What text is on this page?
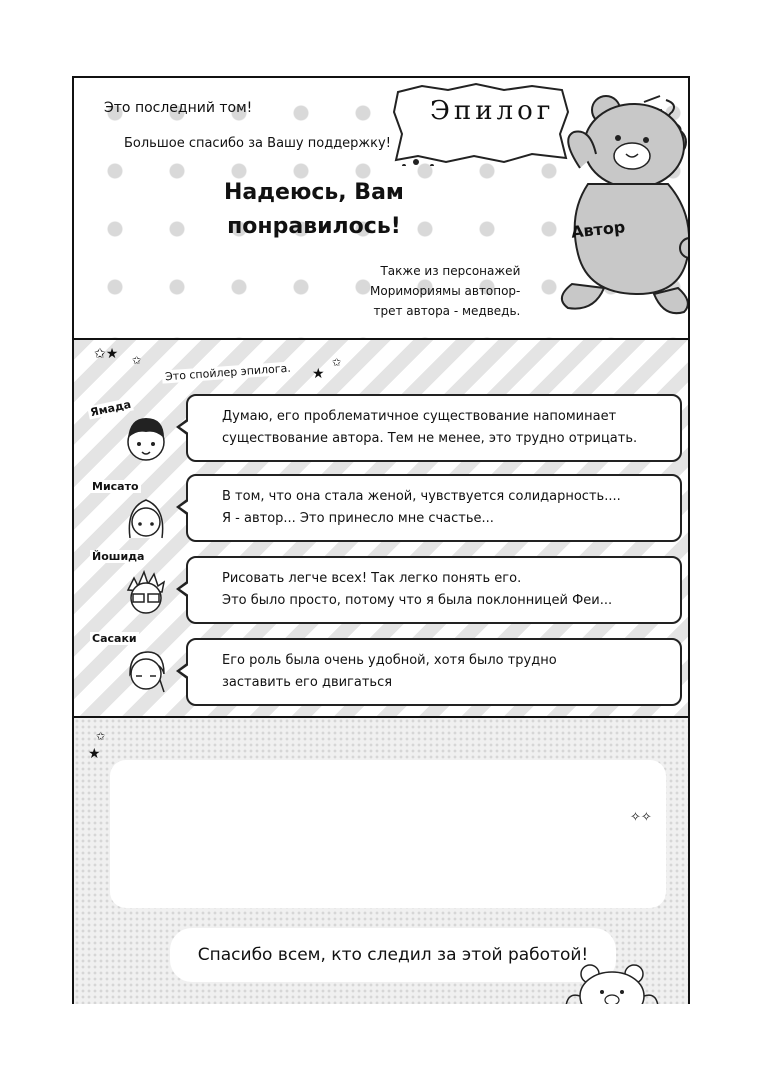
Это последний том!
Большое спасибо за Вашу поддержку!
Надеюсь, Вам
понравилось!
Эпилог
Автор
Также из персонажей
Моримориямы автопор-
трет автора - медведь.
✩★ ✩
★
✩
Это спойлер эпилога.
Ямада	Думаю, его проблематичное существование напоминает
существование автора. Тем не менее, это трудно отрицать.
Мисато
В том, что она стала женой, чувствуется солидарность....
Я - автор... Это принесло мне счастье...
Йошида
Рисовать легче всех! Так легко понять его.
Это было просто, потому что я была поклонницей Феи...
Сасаки
Его роль была очень удобной, хотя было трудно
заставить его двигаться
✩
★
✧✧
Спасибо всем, кто следил за этой работой!
